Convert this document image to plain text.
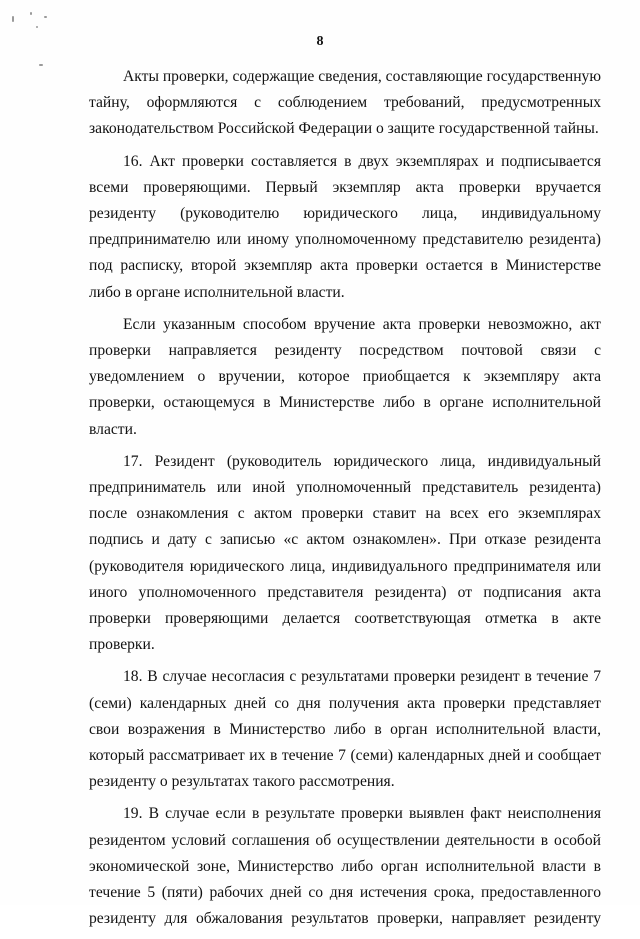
8

Акты проверки, содержащие сведения, составляющие государственную тайну, оформляются с соблюдением требований, предусмотренных законодательством Российской Федерации о защите государственной тайны.

16. Акт проверки составляется в двух экземплярах и подписывается всеми проверяющими. Первый экземпляр акта проверки вручается резиденту (руководителю юридического лица, индивидуальному предпринимателю или иному уполномоченному представителю резидента) под расписку, второй экземпляр акта проверки остается в Министерстве либо в органе исполнительной власти.

Если указанным способом вручение акта проверки невозможно, акт проверки направляется резиденту посредством почтовой связи с уведомлением о вручении, которое приобщается к экземпляру акта проверки, остающемуся в Министерстве либо в органе исполнительной власти.

17. Резидент (руководитель юридического лица, индивидуальный предприниматель или иной уполномоченный представитель резидента) после ознакомления с актом проверки ставит на всех его экземплярах подпись и дату с записью «с актом ознакомлен». При отказе резидента (руководителя юридического лица, индивидуального предпринимателя или иного уполномоченного представителя резидента) от подписания акта проверки проверяющими делается соответствующая отметка в акте проверки.

18. В случае несогласия с результатами проверки резидент в течение 7 (семи) календарных дней со дня получения акта проверки представляет свои возражения в Министерство либо в орган исполнительной власти, который рассматривает их в течение 7 (семи) календарных дней и сообщает резиденту о результатах такого рассмотрения.

19. В случае если в результате проверки выявлен факт неисполнения резидентом условий соглашения об осуществлении деятельности в особой экономической зоне, Министерство либо орган исполнительной власти в течение 5 (пяти) рабочих дней со дня истечения срока, предоставленного резиденту для обжалования результатов проверки, направляет резиденту
